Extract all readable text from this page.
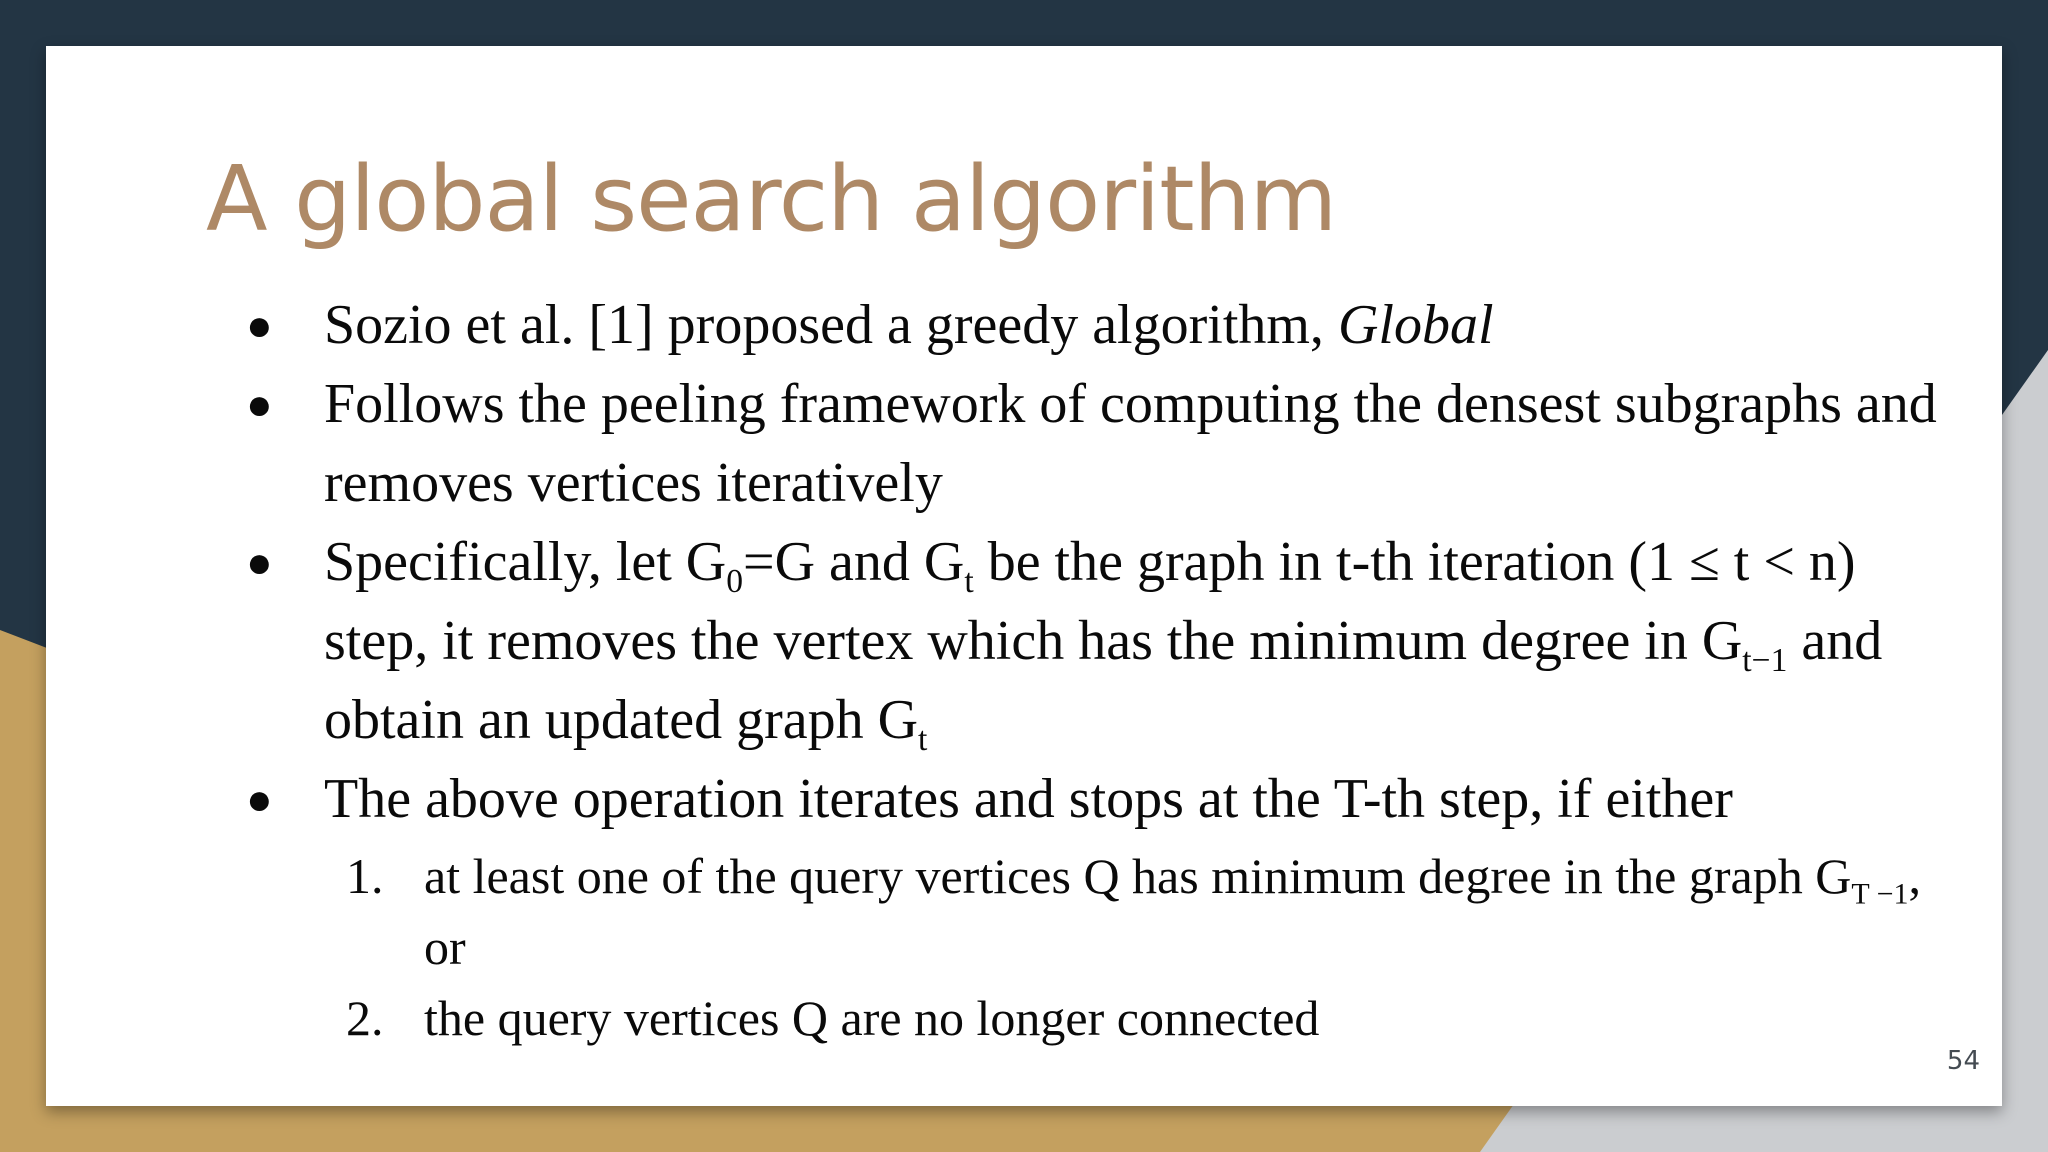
A global search algorithm
● Sozio et al. [1] proposed a greedy algorithm, Global
● Follows the peeling framework of computing the densest subgraphs and removes vertices iteratively
● Specifically, let $G_0=G$ and $G_t$ be the graph in t-th iteration (1 ≤ t < n) step, it removes the vertex which has the minimum degree in $G_{t-1}$ and obtain an updated graph $G_t$
● The above operation iterates and stops at the T-th step, if either
1. at least one of the query vertices Q has minimum degree in the graph $G_{T -1}$, or
2. the query vertices Q are no longer connected
54
